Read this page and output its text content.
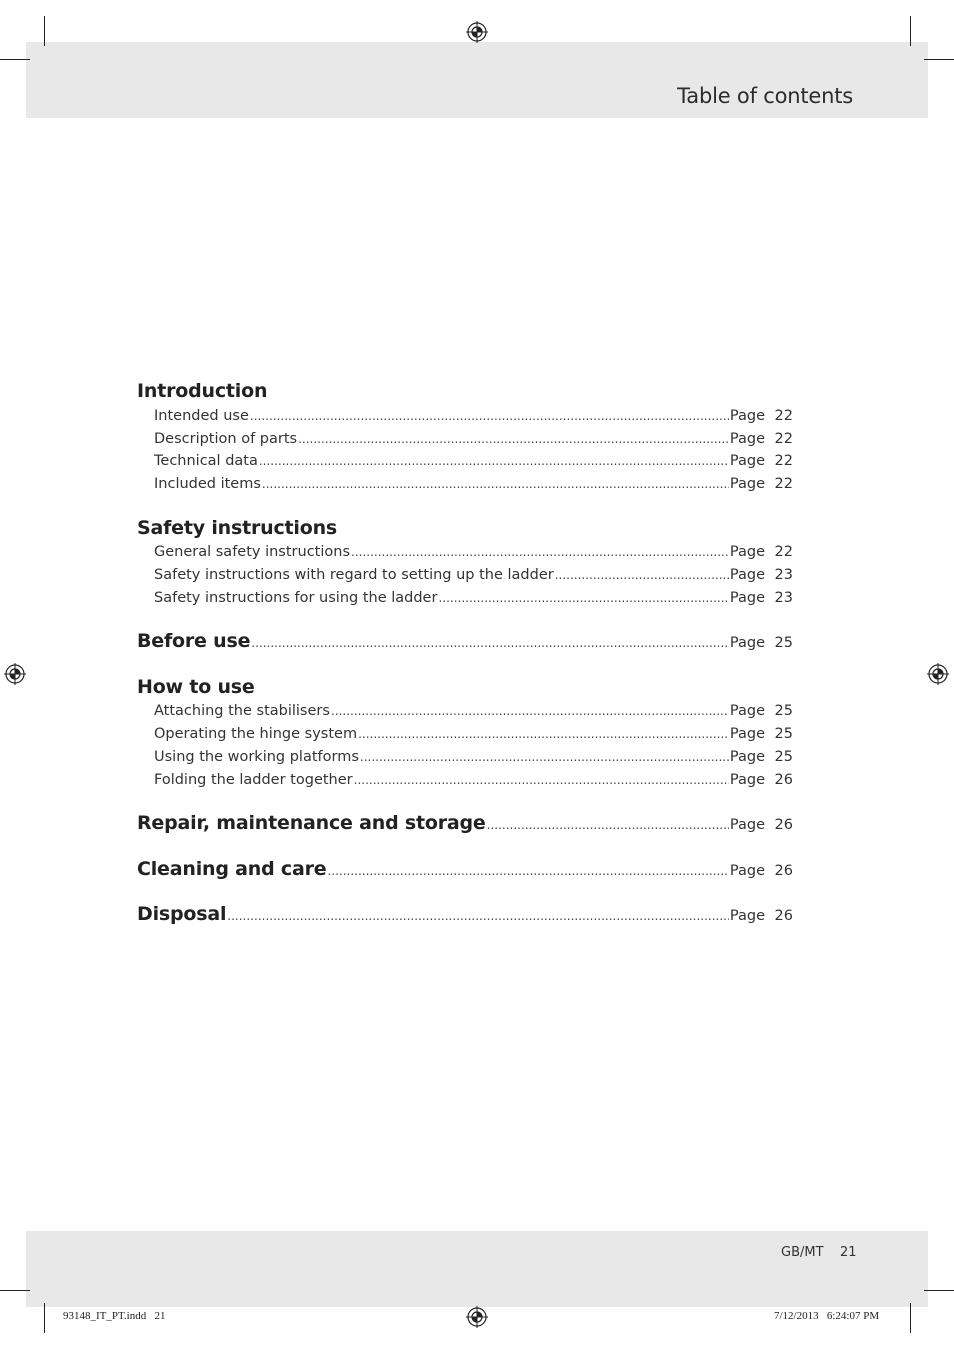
Table of contents
Introduction
Intended use .....	Page 22
Description of parts .....	Page 22
Technical data .....	Page 22
Included items .....	Page 22
Safety instructions
General safety instructions .....	Page 22
Safety instructions with regard to setting up the ladder .....	Page 23
Safety instructions for using the ladder .....	Page 23
Before use .....	Page 25
How to use
Attaching the stabilisers .....	Page 25
Operating the hinge system .....	Page 25
Using the working platforms .....	Page 25
Folding the ladder together .....	Page 26
Repair, maintenance and storage .....	Page 26
Cleaning and care .....	Page 26
Disposal .....	Page 26
GB/MT 21
93148_IT_PT.indd   21	7/12/2013   6:24:07 PM
